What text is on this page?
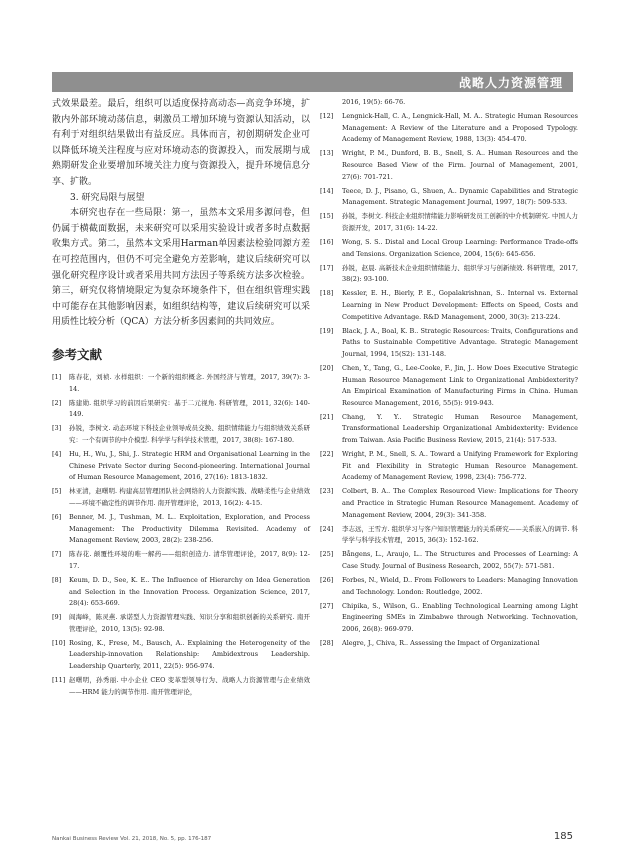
战略人力资源管理

式效果最差。最后，组织可以适度保持高动态—高竞争环境，扩散内外部环境动荡信息，刺激员工增加环境与资源认知活动，以有利于对组织结果做出有益反应。具体而言，初创期研发企业可以降低环境关注程度与应对环境动态的资源投入，而发展期与成熟期研发企业要增加环境关注力度与资源投入，提升环境信息分享、扩散。

3. 研究局限与展望

本研究也存在一些局限：第一，虽然本文采用多源问卷，但仍属于横截面数据，未来研究可以采用实验设计或者多时点数据收集方式。第二，虽然本文采用Harman单因素法检验同源方差在可控范围内，但仍不可完全避免方差影响，建议后续研究可以强化研究程序设计或者采用共同方法因子等系统方法多次检验。第三，研究仅将情境限定为复杂环境条件下，但在组织管理实践中可能存在其他影响因素，如组织结构等，建议后续研究可以采用质性比较分析（QCA）方法分析多因素间的共同效应。

参考文献
[1]	陈春花，刘祯. 水样组织：一个新的组织概念. 外国经济与管理，2017, 39(7): 3-14.
[2]	陈建勋. 组织学习的前因后果研究：基于二元视角. 科研管理，2011, 32(6): 140-149.
[3]	孙锐，李树文. 动态环境下科技企业领导成员交换、组织情绪能力与组织绩效关系研究：一个有调节的中介模型. 科学学与科学技术管理，2017, 38(8): 167-180.
[4]	Hu, H., Wu, J., Shi, J.. Strategic HRM and Organisational Learning in the Chinese Private Sector during Second-pioneering. International Journal of Human Resource Management, 2016, 27(16): 1813-1832.
[5]	林亚清，赵曙明. 构建高层管理团队社会网络的人力资源实践、战略柔性与企业绩效——环境不确定性的调节作用. 南开管理评论，2013, 16(2): 4-15.
[6]	Benner, M. J., Tushman, M. L.. Exploitation, Exploration, and Process Management: The Productivity Dilemma Revisited. Academy of Management Review, 2003, 28(2): 238-256.
[7]	陈春花. 颠覆性环境的唯一解药——组织创造力. 清华管理评论，2017, 8(9): 12-17.
[8]	Keum, D. D., See, K. E.. The Influence of Hierarchy on Idea Generation and Selection in the Innovation Process. Organization Science, 2017, 28(4): 653-669.
[9]	阎海峰，陈灵燕. 承诺型人力资源管理实践、知识分享和组织创新的关系研究. 南开管理评论，2010, 13(5): 92-98.
[10] Rosing, K., Frese, M., Bausch, A.. Explaining the Heterogeneity of the Leadership-innovation Relationship: Ambidextrous Leadership. Leadership Quarterly, 2011, 22(5): 956-974.
[11] 赵曙明，孙秀丽. 中小企业 CEO 变革型领导行为、战略人力资源管理与企业绩效——HRM 能力的调节作用. 南开管理评论，
2016, 19(5): 66-76.
[12]	Lengnick-Hall, C. A., Lengnick-Hall, M. A.. Strategic Human Resources Management: A Review of the Literature and a Proposed Typology. Academy of Management Review, 1988, 13(3): 454-470.
[13]	Wright, P. M., Dunford, B. B., Snell, S. A.. Human Resources and the Resource Based View of the Firm. Journal of Management, 2001, 27(6): 701-721.
[14]	Teece, D. J., Pisano, G., Shuen, A.. Dynamic Capabilities and Strategic Management. Strategic Management Journal, 1997, 18(7): 509-533.
[15]	孙锐，李树文. 科技企业组织情绪能力影响研发员工创新的中介机制研究. 中国人力资源开发，2017, 31(6): 14-22.
[16]	Wong, S. S.. Distal and Local Group Learning: Performance Trade-offs and Tensions. Organization Science, 2004, 15(6): 645-656.
[17]	孙锐，赵晨. 高新技术企业组织情绪能力、组织学习与创新绩效. 科研管理，2017, 38(2): 93-100.
[18]	Kessler, E. H., Bierly, P. E., Gopalakrishnan, S.. Internal vs. External Learning in New Product Development: Effects on Speed, Costs and Competitive Advantage. R&D Management, 2000, 30(3): 213-224.
[19]	Black, J. A., Boal, K. B.. Strategic Resources: Traits, Configurations and Paths to Sustainable Competitive Advantage. Strategic Management Journal, 1994, 15(S2): 131-148.
[20]	Chen, Y., Tang, G., Lee-Cooke, F., Jin, J.. How Does Executive Strategic Human Resource Management Link to Organizational Ambidexterity? An Empirical Examination of Manufacturing Firms in China. Human Resource Management, 2016, 55(5): 919-943.
[21]	Chang, Y. Y.. Strategic Human Resource Management, Transformational Leadership Organizational Ambidexterity: Evidence from Taiwan. Asia Pacific Business Review, 2015, 21(4): 517-533.
[22]	Wright, P. M., Snell, S. A.. Toward a Unifying Framework for Exploring Fit and Flexibility in Strategic Human Resource Management. Academy of Management Review, 1998, 23(4): 756-772.
[23]	Colbert, B. A.. The Complex Resourced View: Implications for Theory and Practice in Strategic Human Resource Management. Academy of Management Review, 2004, 29(3): 341-358.
[24]	李志远，王雪方. 组织学习与客户知识管理能力的关系研究——关系嵌入的调节. 科学学与科学技术管理，2015, 36(3): 152-162.
[25]	Bångens, L., Araujo, L.. The Structures and Processes of Learning: A Case Study. Journal of Business Research, 2002, 55(7): 571-581.
[26]	Forbes, N., Wield, D.. From Followers to Leaders: Managing Innovation and Technology. London: Routledge, 2002.
[27]	Chipika, S., Wilson, G.. Enabling Technological Learning among Light Engineering SMEs in Zimbabwe through Networking. Technovation, 2006, 26(8): 969-979.
[28]	Alegre, J., Chiva, R.. Assessing the Impact of Organizational
Nankai Business Review Vol. 21, 2018, No. 5, pp. 176-187	185
